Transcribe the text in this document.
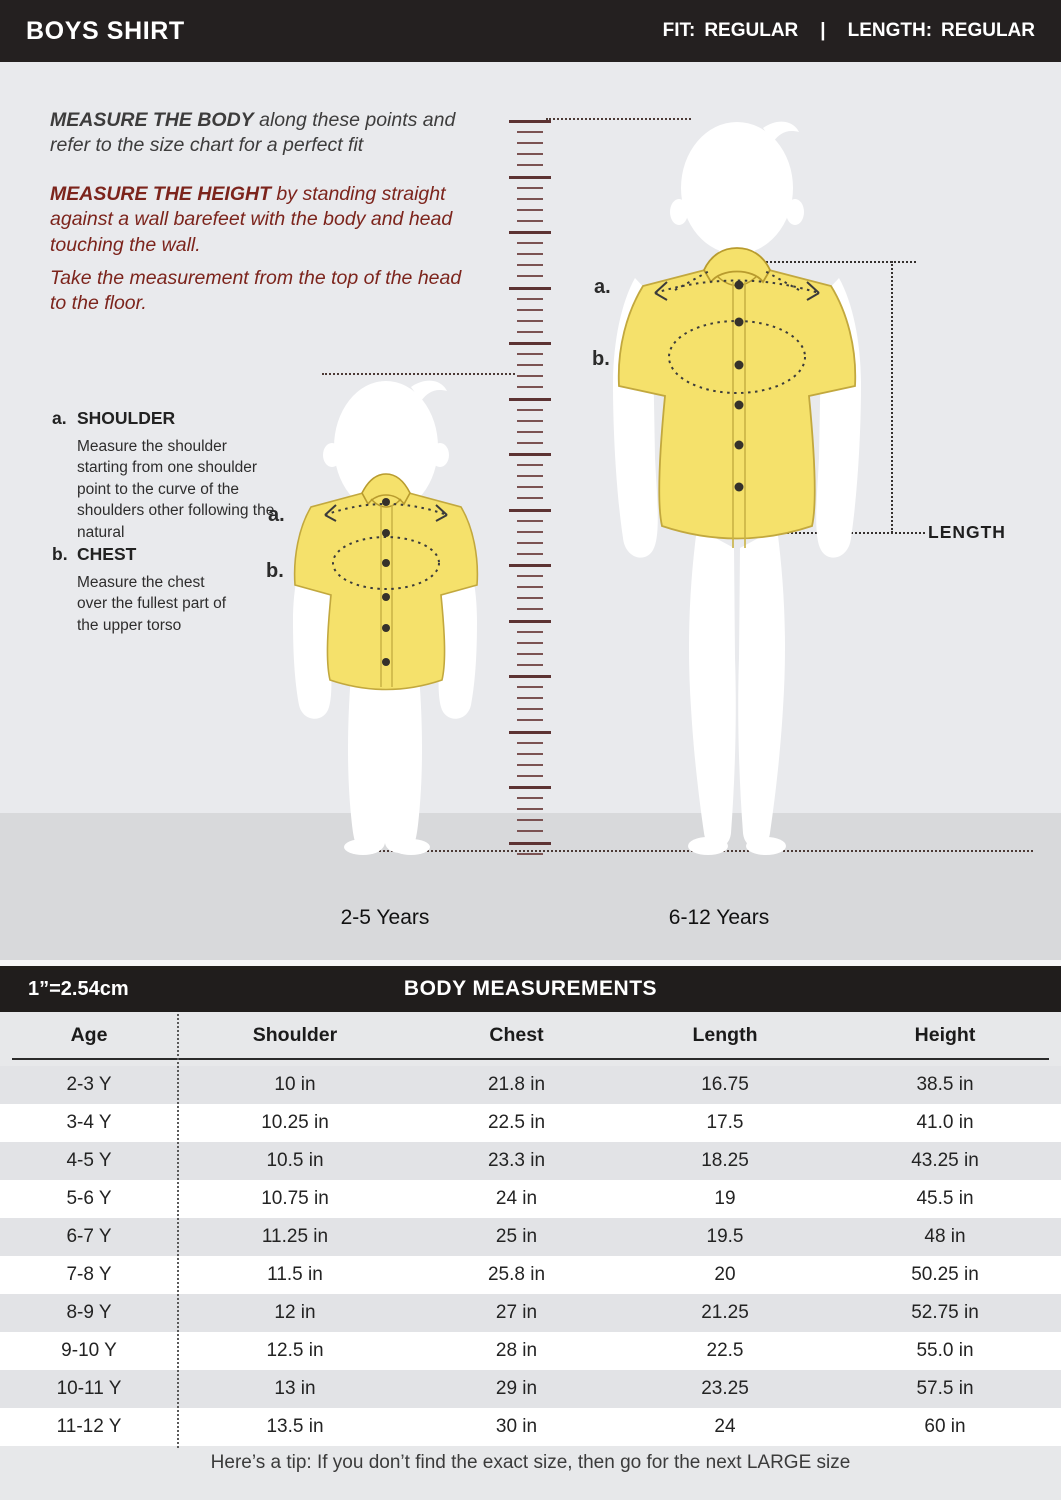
BOYS SHIRT	FIT: REGULAR | LENGTH: REGULAR
MEASURE THE BODY along these points and refer to the size chart for a perfect fit
MEASURE THE HEIGHT by standing straight against a wall barefeet with the body and head touching the wall.
Take the measurement from the top of the head to the floor.
a. SHOULDER
Measure the shoulder starting from one shoulder point to the curve of the shoulders other following the natural
b. CHEST
Measure the chest over the fullest part of the upper torso
LENGTH
a.
b.
a.
b.
2-5 Years	6-12 Years
1”=2.54cm	BODY MEASUREMENTS
Age	Shoulder	Chest	Length	Height
2-3 Y	10 in	21.8 in	16.75	38.5 in
3-4 Y	10.25 in	22.5 in	17.5	41.0 in
4-5 Y	10.5 in	23.3 in	18.25	43.25 in
5-6 Y	10.75 in	24 in	19	45.5 in
6-7 Y	11.25 in	25 in	19.5	48 in
7-8 Y	11.5 in	25.8 in	20	50.25 in
8-9 Y	12 in	27 in	21.25	52.75 in
9-10 Y	12.5 in	28 in	22.5	55.0 in
10-11 Y	13 in	29 in	23.25	57.5 in
11-12 Y	13.5 in	30 in	24	60 in
Here’s a tip: If you don’t find the exact size, then go for the next LARGE size
